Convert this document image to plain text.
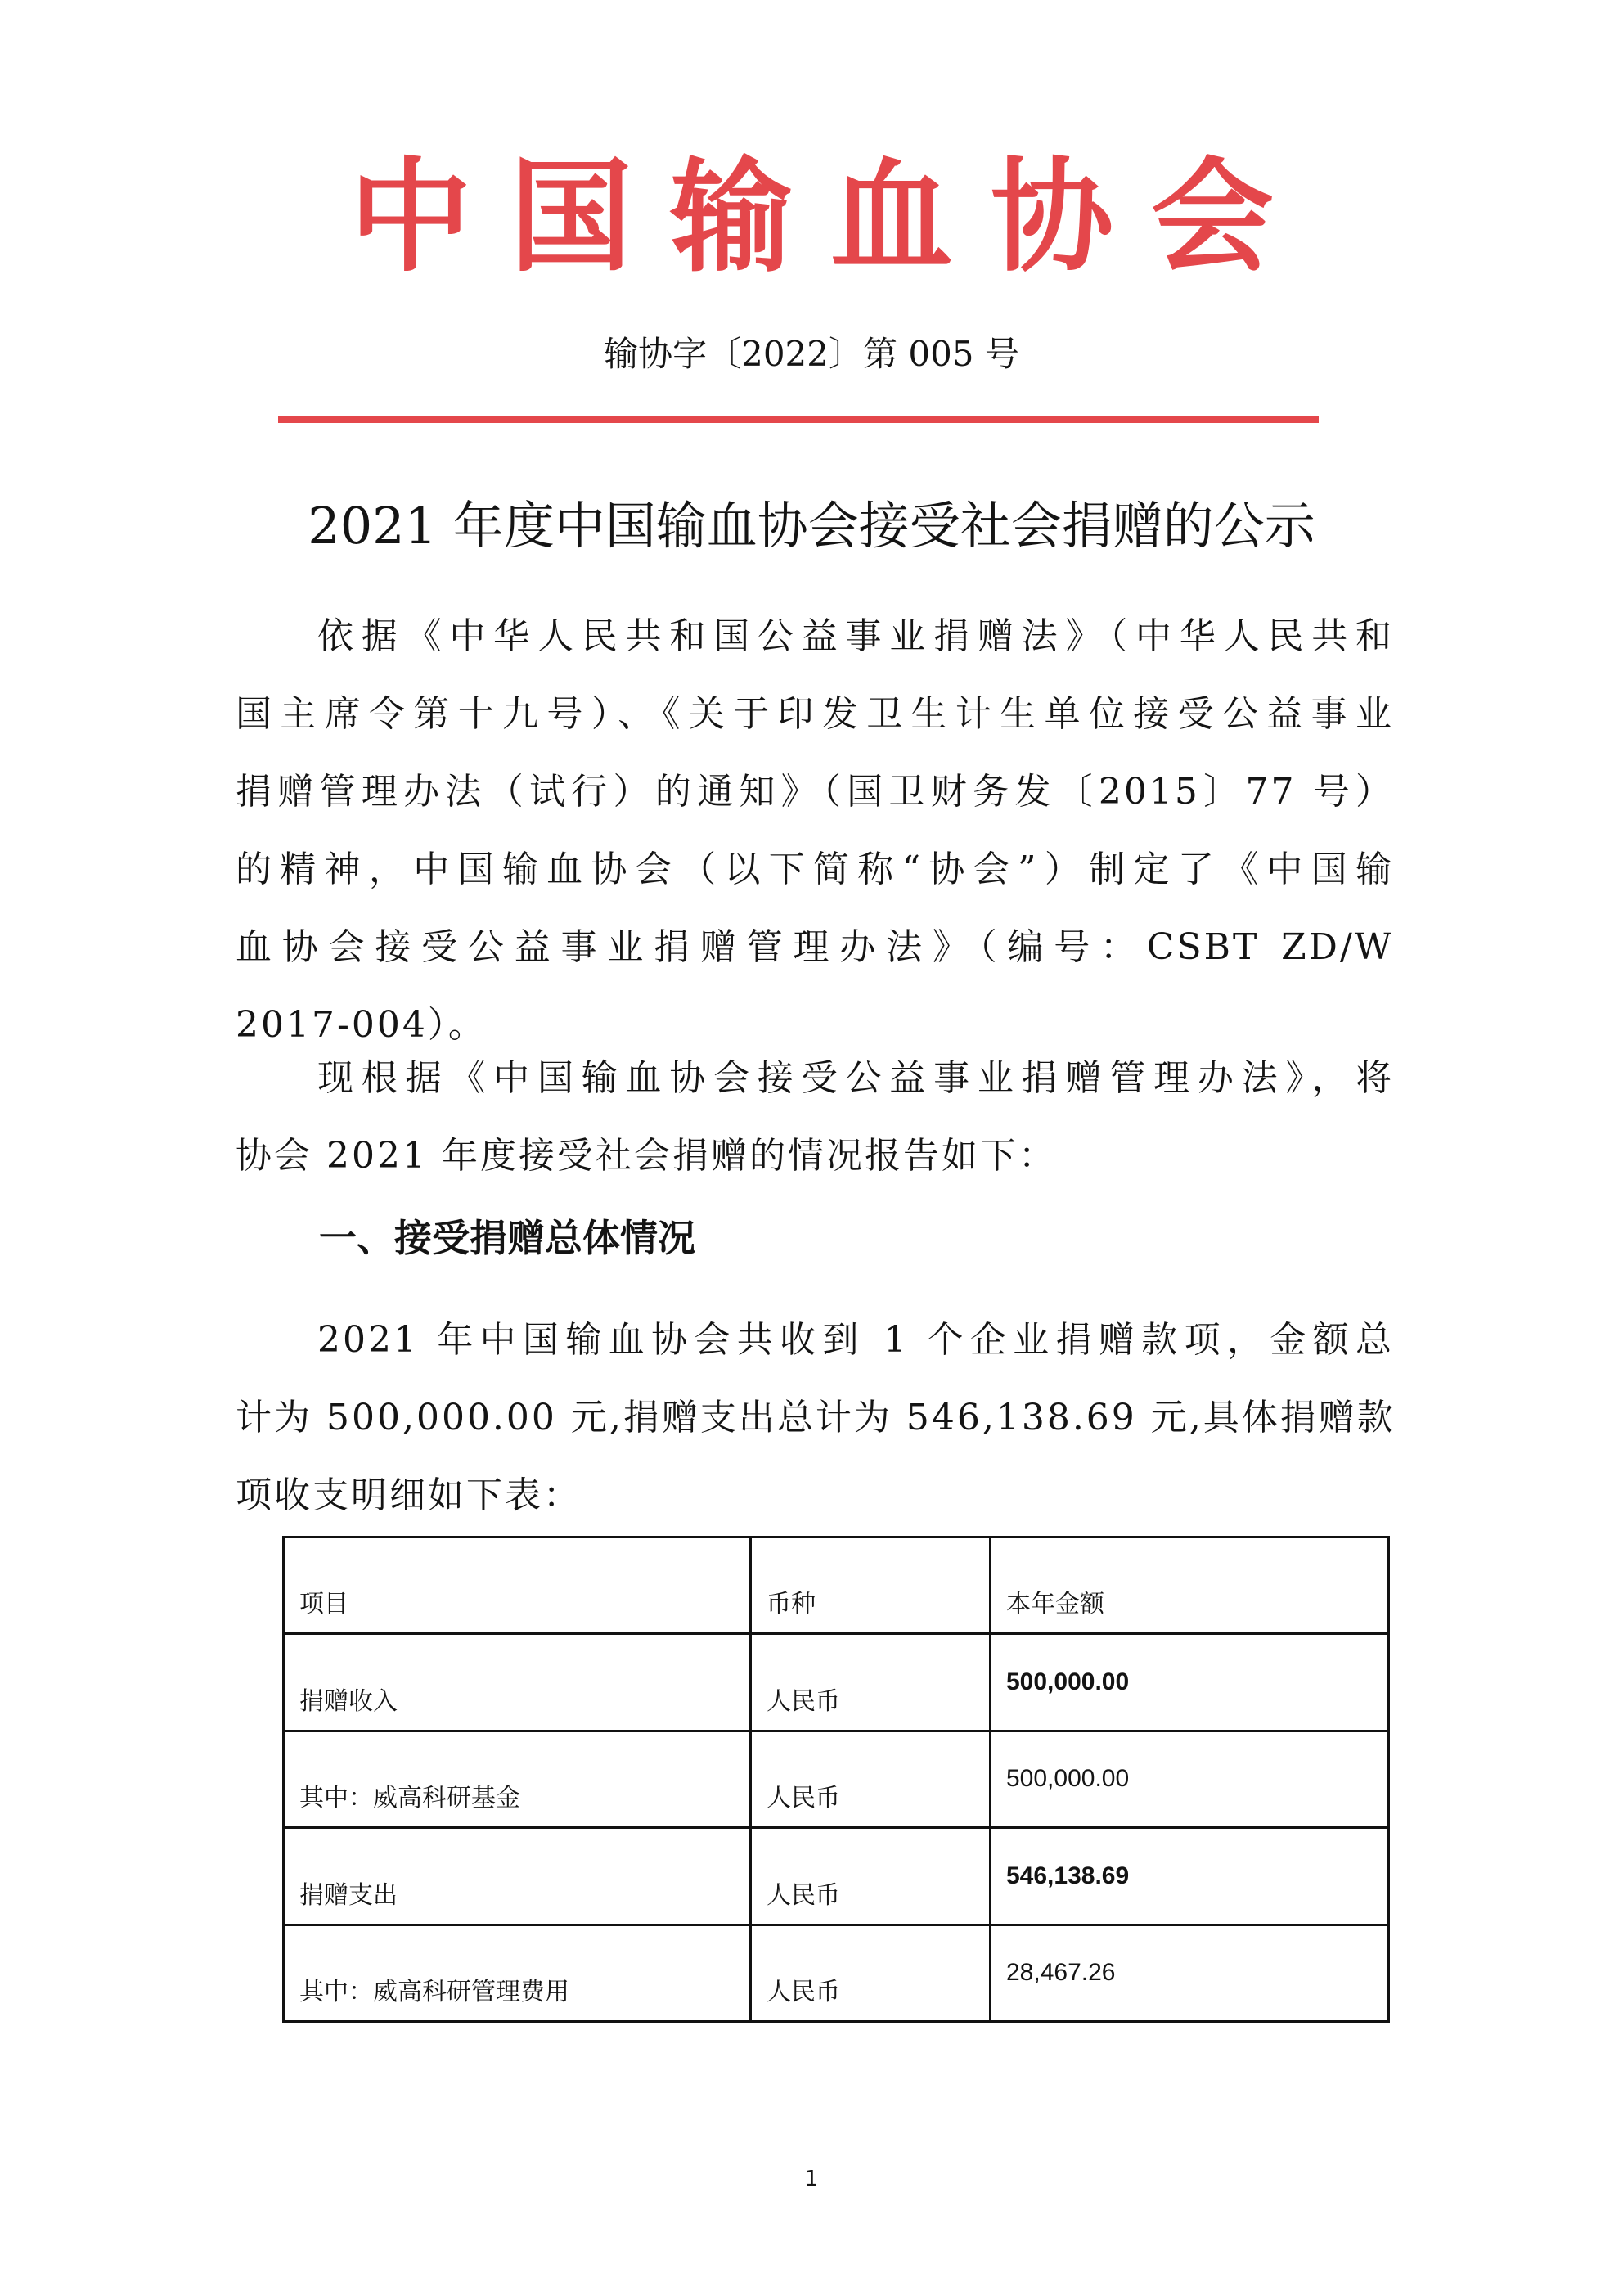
中国输血协会
输协字〔2022〕第 005 号
2021 年度中国输血协会接受社会捐赠的公示
依据《中华人民共和国公益事业捐赠法》（中华人民共和
国主席令第十九号）、《关于印发卫生计生单位接受公益事业
捐赠管理办法（试行）的通知》（国卫财务发〔2015〕77 号）
的精神，中国输血协会（以下简称“协会”）制定了《中国输
血协会接受公益事业捐赠管理办法》（编号：CSBT ZD/W
2017-004）。
现根据《中国输血协会接受公益事业捐赠管理办法》，将
协会 2021 年度接受社会捐赠的情况报告如下：
一、接受捐赠总体情况
2021 年中国输血协会共收到 1 个企业捐赠款项，金额总
计为 500,000.00 元,捐赠支出总计为 546,138.69 元,具体捐赠款
项收支明细如下表：
项目	币种	本年金额
捐赠收入	人民币	500,000.00
其中：威高科研基金	人民币	500,000.00
捐赠支出	人民币	546,138.69
其中：威高科研管理费用	人民币	28,467.26
1
